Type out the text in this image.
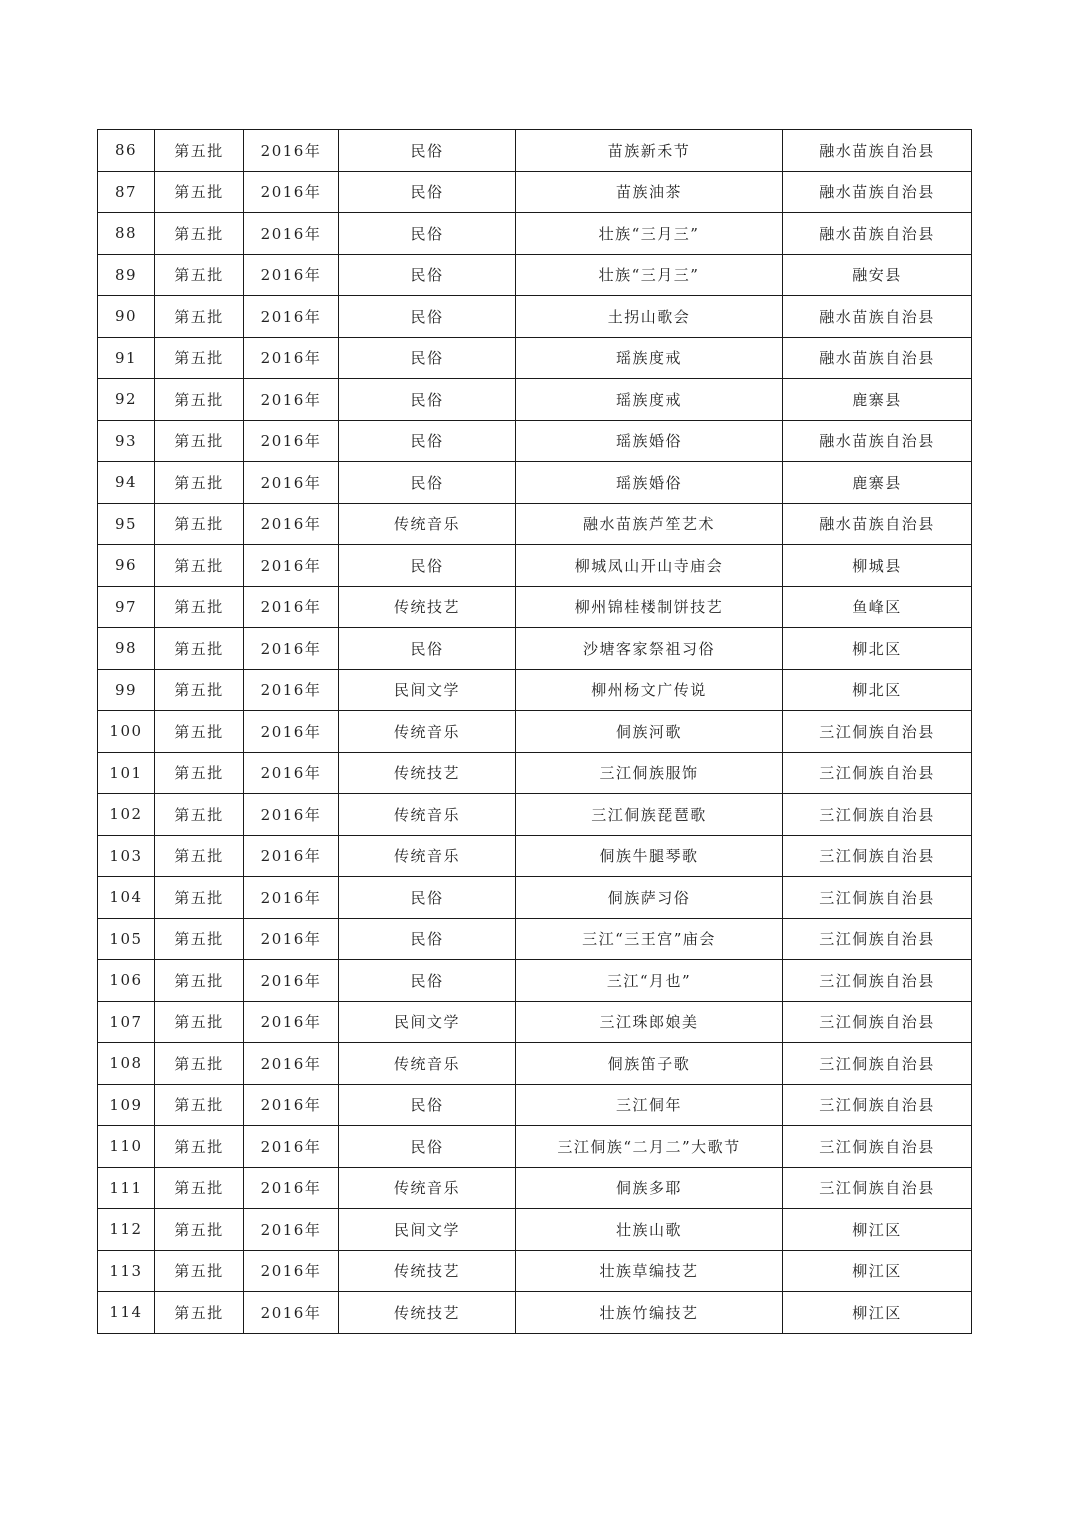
86	第五批	2016年	民俗	苗族新禾节	融水苗族自治县
87	第五批	2016年	民俗	苗族油茶	融水苗族自治县
88	第五批	2016年	民俗	壮族“三月三”	融水苗族自治县
89	第五批	2016年	民俗	壮族“三月三”	融安县
90	第五批	2016年	民俗	土拐山歌会	融水苗族自治县
91	第五批	2016年	民俗	瑶族度戒	融水苗族自治县
92	第五批	2016年	民俗	瑶族度戒	鹿寨县
93	第五批	2016年	民俗	瑶族婚俗	融水苗族自治县
94	第五批	2016年	民俗	瑶族婚俗	鹿寨县
95	第五批	2016年	传统音乐	融水苗族芦笙艺术	融水苗族自治县
96	第五批	2016年	民俗	柳城凤山开山寺庙会	柳城县
97	第五批	2016年	传统技艺	柳州锦桂楼制饼技艺	鱼峰区
98	第五批	2016年	民俗	沙塘客家祭祖习俗	柳北区
99	第五批	2016年	民间文学	柳州杨文广传说	柳北区
100	第五批	2016年	传统音乐	侗族河歌	三江侗族自治县
101	第五批	2016年	传统技艺	三江侗族服饰	三江侗族自治县
102	第五批	2016年	传统音乐	三江侗族琵琶歌	三江侗族自治县
103	第五批	2016年	传统音乐	侗族牛腿琴歌	三江侗族自治县
104	第五批	2016年	民俗	侗族萨习俗	三江侗族自治县
105	第五批	2016年	民俗	三江“三王宫”庙会	三江侗族自治县
106	第五批	2016年	民俗	三江“月也”	三江侗族自治县
107	第五批	2016年	民间文学	三江珠郎娘美	三江侗族自治县
108	第五批	2016年	传统音乐	侗族笛子歌	三江侗族自治县
109	第五批	2016年	民俗	三江侗年	三江侗族自治县
110	第五批	2016年	民俗	三江侗族“二月二”大歌节	三江侗族自治县
111	第五批	2016年	传统音乐	侗族多耶	三江侗族自治县
112	第五批	2016年	民间文学	壮族山歌	柳江区
113	第五批	2016年	传统技艺	壮族草编技艺	柳江区
114	第五批	2016年	传统技艺	壮族竹编技艺	柳江区
